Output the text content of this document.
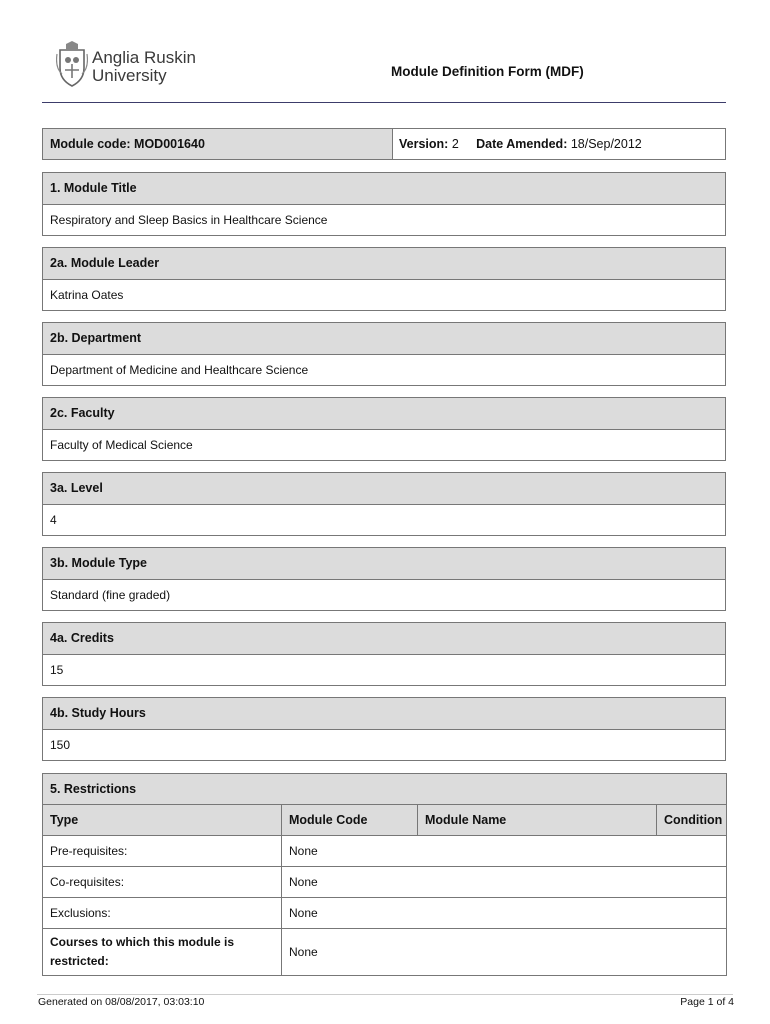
Anglia Ruskin
University	Module Definition Form (MDF)
Module code: MOD001640	Version: 2 Date Amended: 18/Sep/2012
1. Module Title
Respiratory and Sleep Basics in Healthcare Science
2a. Module Leader
Katrina Oates
2b. Department
Department of Medicine and Healthcare Science
2c. Faculty
Faculty of Medical Science
3a. Level
4
3b. Module Type
Standard (fine graded)
4a. Credits
15
4b. Study Hours
150
5. Restrictions			
Type	Module Code	Module Name	Condition
Pre-requisites:	None		
Co-requisites:	None		
Exclusions:	None		
Courses to which this module is restricted:	None		
Generated on 08/08/2017, 03:03:10	Page 1 of 4
